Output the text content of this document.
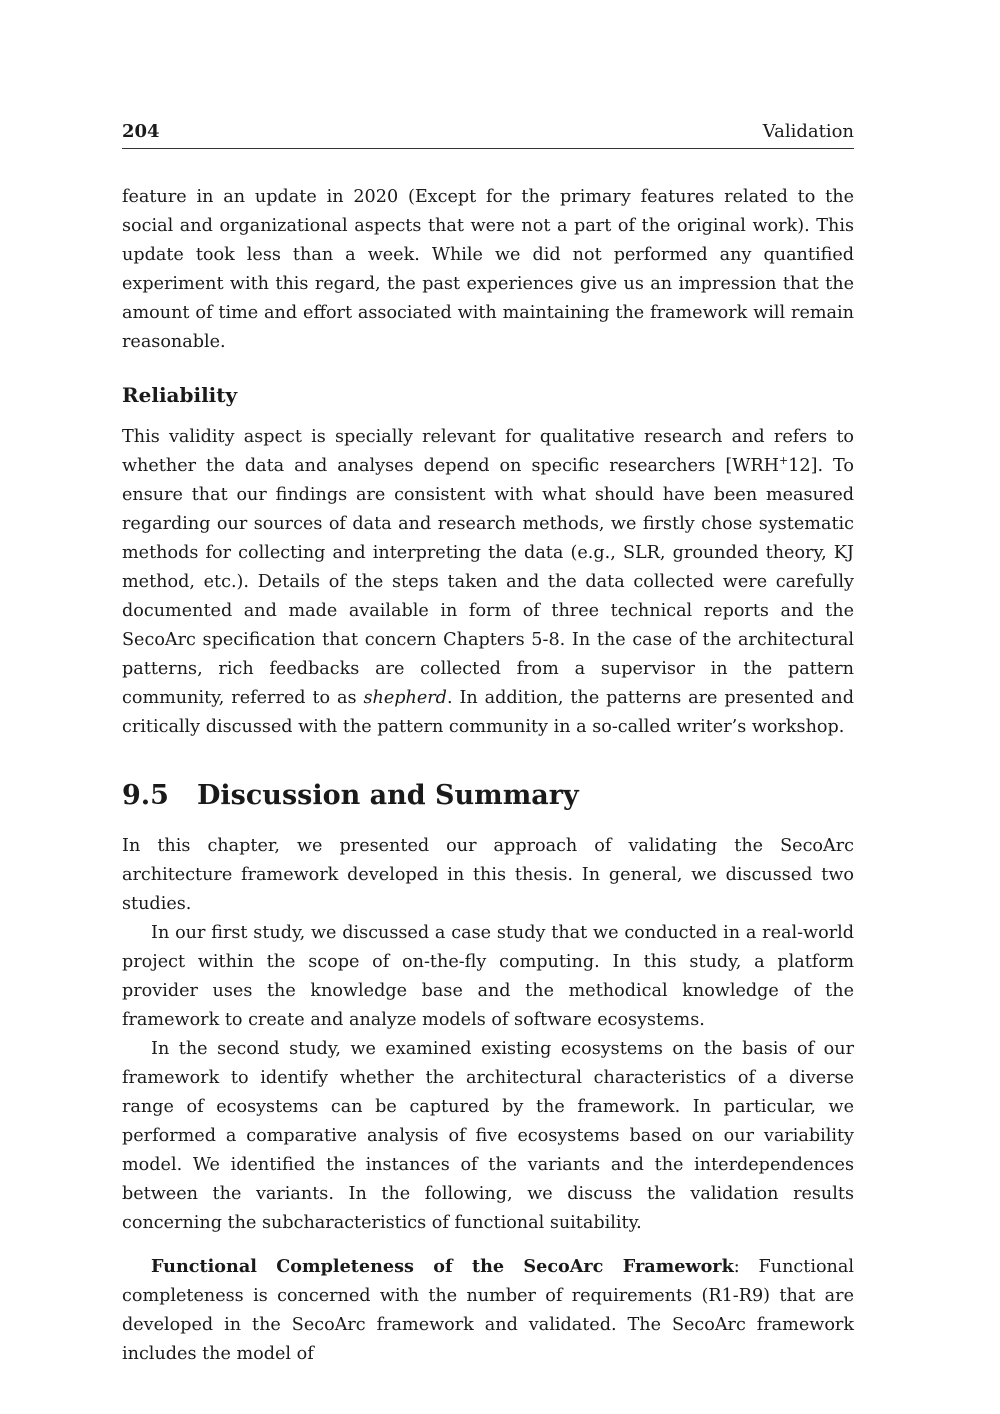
204	Validation

feature in an update in 2020 (Except for the primary features related to the social and organizational aspects that were not a part of the original work). This update took less than a week. While we did not performed any quantified experiment with this regard, the past experiences give us an impression that the amount of time and effort associated with maintaining the framework will remain reasonable.

Reliability

This validity aspect is specially relevant for qualitative research and refers to whether the data and analyses depend on specific researchers [WRH+12]. To ensure that our findings are consistent with what should have been measured regarding our sources of data and research methods, we firstly chose systematic methods for collecting and interpreting the data (e.g., SLR, grounded theory, KJ method, etc.). Details of the steps taken and the data collected were carefully documented and made available in form of three technical reports and the SecoArc specification that concern Chapters 5-8. In the case of the architectural patterns, rich feedbacks are collected from a supervisor in the pattern community, referred to as shepherd. In addition, the patterns are presented and critically discussed with the pattern community in a so-called writer’s workshop.

9.5	Discussion and Summary

In this chapter, we presented our approach of validating the SecoArc architecture framework developed in this thesis. In general, we discussed two studies.

In our first study, we discussed a case study that we conducted in a real-world project within the scope of on-the-fly computing. In this study, a platform provider uses the knowledge base and the methodical knowledge of the framework to create and analyze models of software ecosystems.

In the second study, we examined existing ecosystems on the basis of our framework to identify whether the architectural characteristics of a diverse range of ecosystems can be captured by the framework. In particular, we performed a comparative analysis of five ecosystems based on our variability model. We identified the instances of the variants and the interdependences between the variants. In the following, we discuss the validation results concerning the subcharacteristics of functional suitability.

Functional Completeness of the SecoArc Framework: Functional completeness is concerned with the number of requirements (R1-R9) that are developed in the SecoArc framework and validated. The SecoArc framework includes the model of
